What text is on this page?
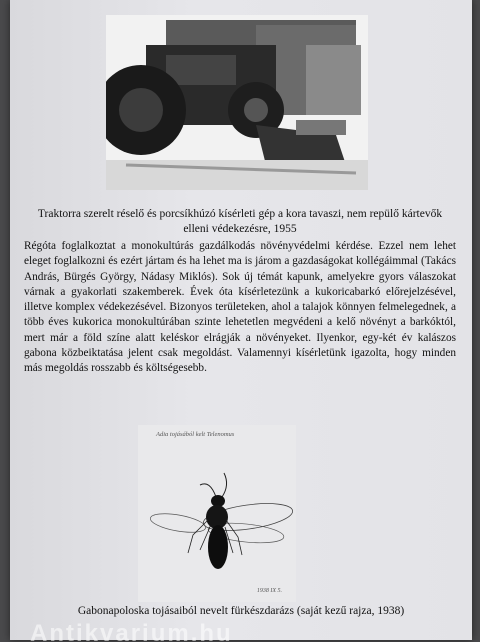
Traktorra szerelt réselő és porcsíkhúzó kísérleti gép a kora tavaszi, nem repülő kártevők elleni védekezésre, 1955

Régóta foglalkoztat a monokultúrás gazdálkodás növényvédelmi kérdése. Ezzel nem lehet eleget foglalkozni és ezért jártam és ha lehet ma is járom a gazdaságokat kollégáimmal (Takács András, Bürgés György, Nádasy Miklós). Sok új témát kapunk, amelyekre gyors válaszokat várnak a gyakorlati szakemberek. Évek óta kísérletezünk a kukoricabarkó előrejelzésével, illetve komplex védekezésével. Bizonyos területeken, ahol a talajok könnyen felmelegednek, a több éves kukorica monokultúrában szinte lehetetlen megvédeni a kelő növényt a barkóktól, mert már a föld színe alatt keléskor elrágják a növényeket. Ilyenkor, egy-két év kalászos gabona közbeiktatása jelent csak megoldást. Valamennyi kísérletünk igazolta, hogy minden más megoldás rosszabb és költségesebb.

Adia tojásából kelt Telenomus
1938 IX 5.
Gabonapoloska tojásaiból nevelt fürkészdarázs (saját kezű rajza, 1938)
Antikvarium.hu
